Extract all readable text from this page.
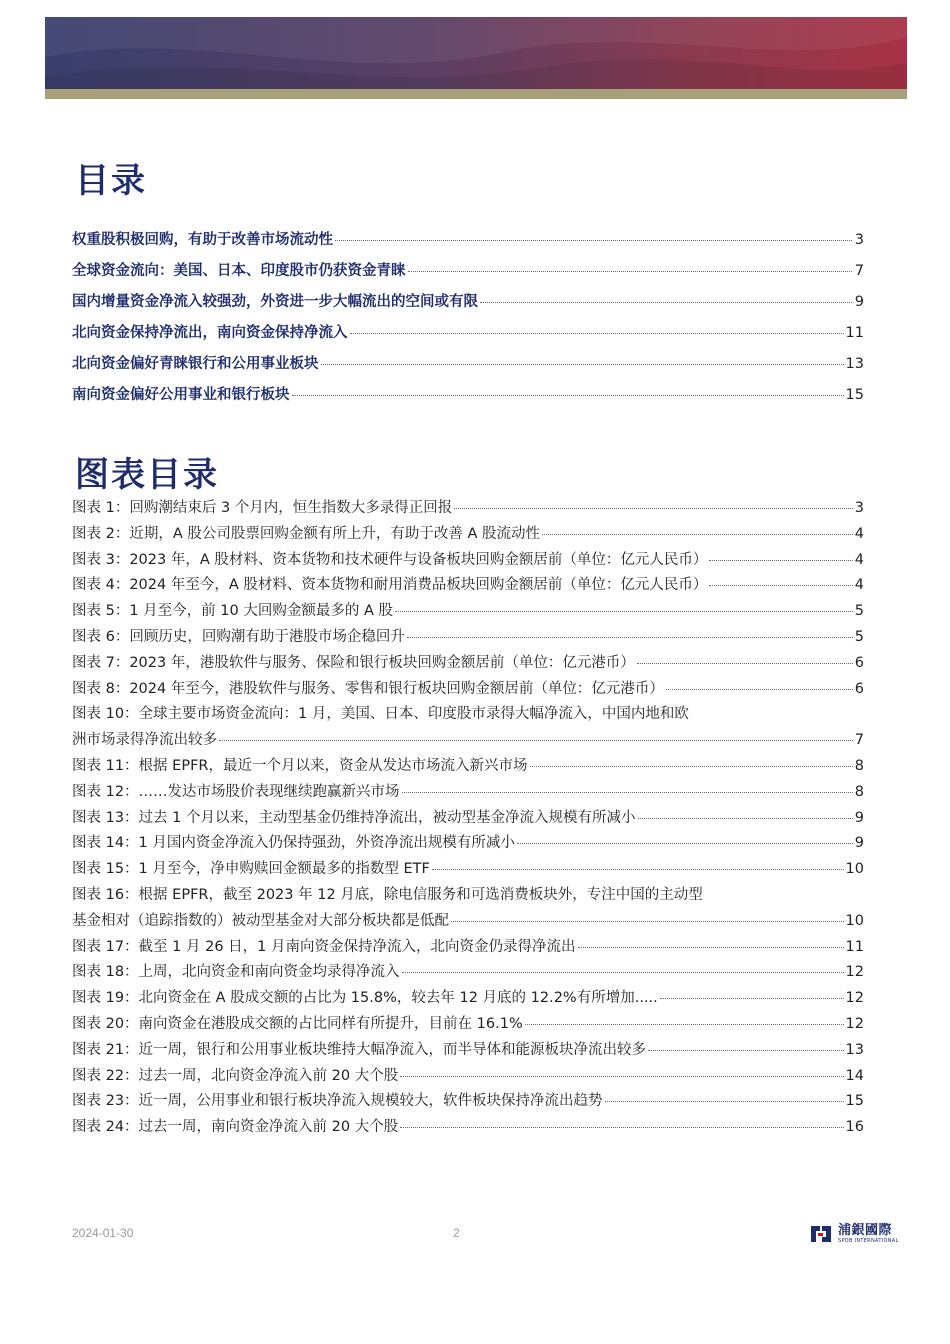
目录
权重股积极回购，有助于改善市场流动性	3
全球资金流向：美国、日本、印度股市仍获资金青睐	7
国内增量资金净流入较强劲，外资进一步大幅流出的空间或有限	9
北向资金保持净流出，南向资金保持净流入	11
北向资金偏好青睐银行和公用事业板块	13
南向资金偏好公用事业和银行板块	15
图表目录
图表 1：回购潮结束后 3 个月内，恒生指数大多录得正回报	3
图表 2：近期，A 股公司股票回购金额有所上升，有助于改善 A 股流动性	4
图表 3：2023 年，A 股材料、资本货物和技术硬件与设备板块回购金额居前（单位：亿元人民币）	4
图表 4：2024 年至今，A 股材料、资本货物和耐用消费品板块回购金额居前（单位：亿元人民币）	4
图表 5：1 月至今，前 10 大回购金额最多的 A 股	5
图表 6：回顾历史，回购潮有助于港股市场企稳回升	5
图表 7：2023 年，港股软件与服务、保险和银行板块回购金额居前（单位：亿元港币）	6
图表 8：2024 年至今，港股软件与服务、零售和银行板块回购金额居前（单位：亿元港币）	6
图表 10：全球主要市场资金流向：1 月，美国、日本、印度股市录得大幅净流入，中国内地和欧
洲市场录得净流出较多	7
图表 11：根据 EPFR，最近一个月以来，资金从发达市场流入新兴市场	8
图表 12：……发达市场股价表现继续跑赢新兴市场	8
图表 13：过去 1 个月以来，主动型基金仍维持净流出，被动型基金净流入规模有所减小	9
图表 14：1 月国内资金净流入仍保持强劲，外资净流出规模有所减小	9
图表 15：1 月至今，净申购赎回金额最多的指数型 ETF	10
图表 16：根据 EPFR，截至 2023 年 12 月底，除电信服务和可选消费板块外，专注中国的主动型
基金相对（追踪指数的）被动型基金对大部分板块都是低配	10
图表 17：截至 1 月 26 日，1 月南向资金保持净流入，北向资金仍录得净流出	11
图表 18：上周，北向资金和南向资金均录得净流入	12
图表 19：北向资金在 A 股成交额的占比为 15.8%，较去年 12 月底的 12.2%有所增加.....	12
图表 20：南向资金在港股成交额的占比同样有所提升，目前在 16.1%	12
图表 21：近一周，银行和公用事业板块维持大幅净流入，而半导体和能源板块净流出较多	13
图表 22：过去一周，北向资金净流入前 20 大个股	14
图表 23：近一周，公用事业和银行板块净流入规模较大，软件板块保持净流出趋势	15
图表 24：过去一周，南向资金净流入前 20 大个股	16
2024-01-30	2	浦銀國際
SPDB INTERNATIONAL
